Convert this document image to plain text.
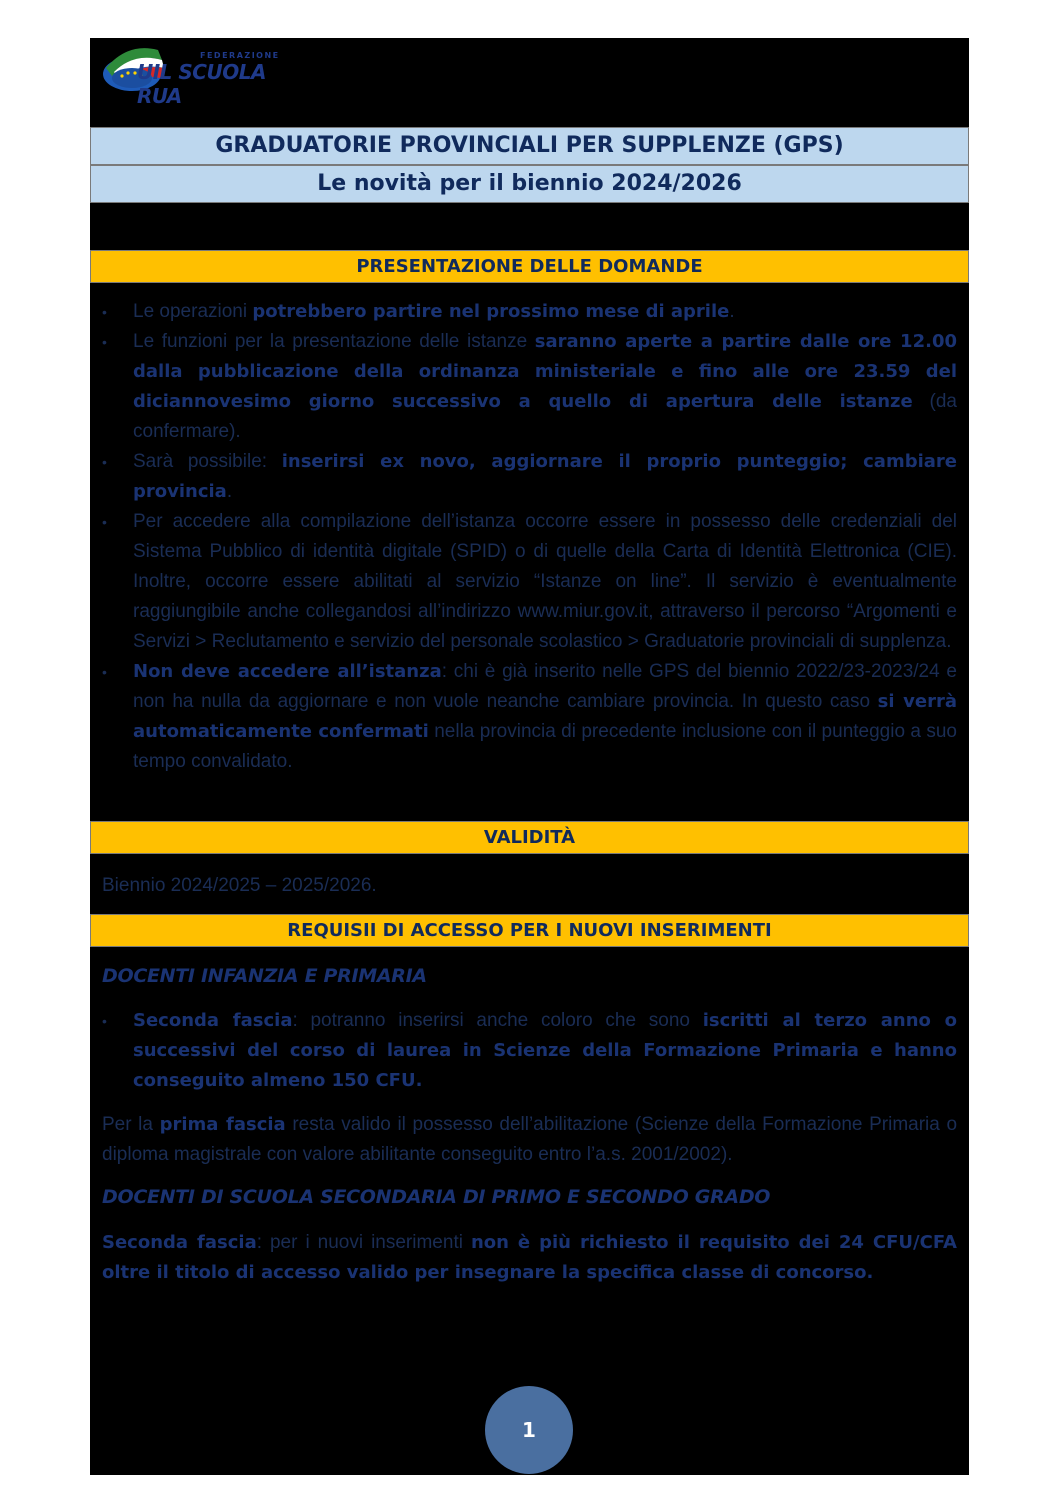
FEDERAZIONE
UIL SCUOLA RUA
GRADUATORIE PROVINCIALI PER SUPPLENZE (GPS)
Le novità per il biennio 2024/2026
PRESENTAZIONE DELLE DOMANDE
• Le operazioni potrebbero partire nel prossimo mese di aprile.
• Le funzioni per la presentazione delle istanze saranno aperte a partire dalle ore 12.00 dalla pubblicazione della ordinanza ministeriale e fino alle ore 23.59 del diciannovesimo giorno successivo a quello di apertura delle istanze (da confermare).
• Sarà possibile: inserirsi ex novo, aggiornare il proprio punteggio; cambiare provincia.
• Per accedere alla compilazione dell’istanza occorre essere in possesso delle credenziali del Sistema Pubblico di identità digitale (SPID) o di quelle della Carta di Identità Elettronica (CIE). Inoltre, occorre essere abilitati al servizio “Istanze on line”. Il servizio è eventualmente raggiungibile anche collegandosi all’indirizzo www.miur.gov.it, attraverso il percorso “Argomenti e Servizi > Reclutamento e servizio del personale scolastico > Graduatorie provinciali di supplenza.
• Non deve accedere all’istanza: chi è già inserito nelle GPS del biennio 2022/23-2023/24 e non ha nulla da aggiornare e non vuole neanche cambiare provincia. In questo caso si verrà automaticamente confermati nella provincia di precedente inclusione con il punteggio a suo tempo convalidato.
VALIDITÀ
Biennio 2024/2025 – 2025/2026.
REQUISII DI ACCESSO PER I NUOVI INSERIMENTI
DOCENTI INFANZIA E PRIMARIA
• Seconda fascia: potranno inserirsi anche coloro che sono iscritti al terzo anno o successivi del corso di laurea in Scienze della Formazione Primaria e hanno conseguito almeno 150 CFU.
Per la prima fascia resta valido il possesso dell’abilitazione (Scienze della Formazione Primaria o diploma magistrale con valore abilitante conseguito entro l’a.s. 2001/2002).
DOCENTI DI SCUOLA SECONDARIA DI PRIMO E SECONDO GRADO
Seconda fascia: per i nuovi inserimenti non è più richiesto il requisito dei 24 CFU/CFA oltre il titolo di accesso valido per insegnare la specifica classe di concorso.
1
